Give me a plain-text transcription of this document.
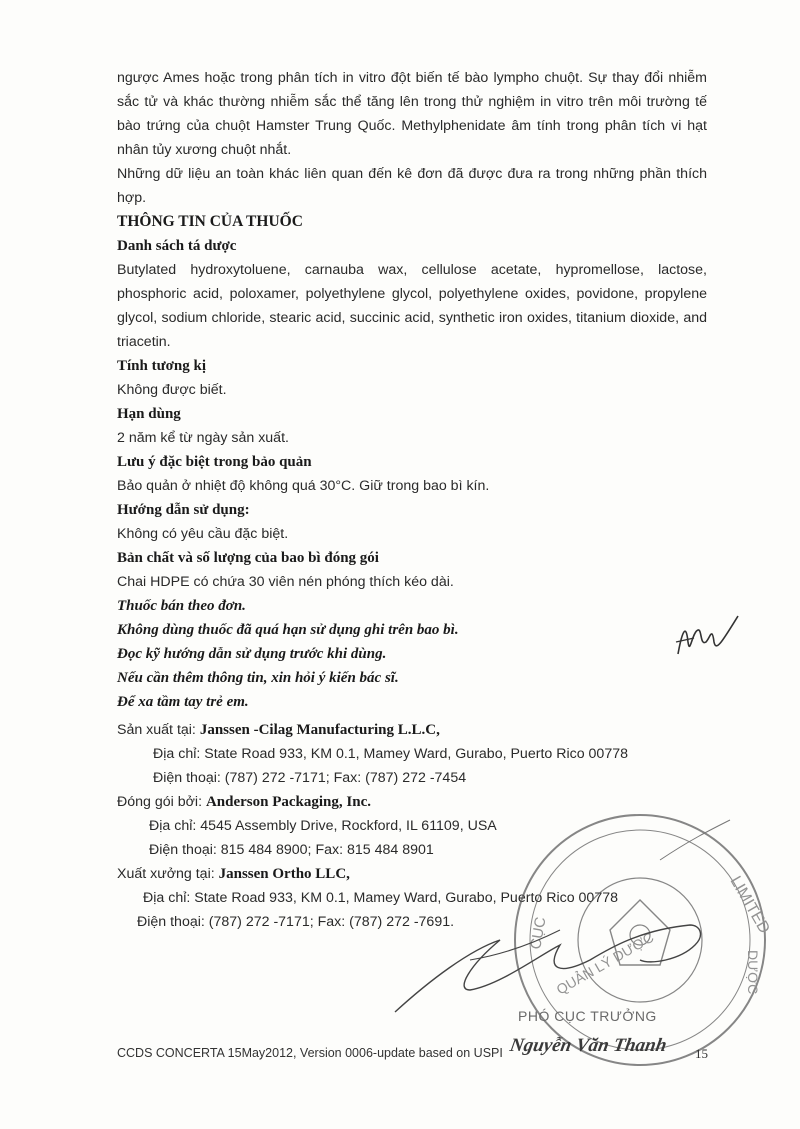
ngược Ames hoặc trong phân tích in vitro đột biến tế bào lympho chuột. Sự thay đổi nhiễm sắc tử và khác thường nhiễm sắc thể tăng lên trong thử nghiệm in vitro trên môi trường tế bào trứng của chuột Hamster Trung Quốc. Methylphenidate âm tính trong phân tích vi hạt nhân tủy xương chuột nhắt.

Những dữ liệu an toàn khác liên quan đến kê đơn đã được đưa ra trong những phần thích hợp.

THÔNG TIN CỦA THUỐC

Danh sách tá dược

Butylated hydroxytoluene, carnauba wax, cellulose acetate, hypromellose, lactose, phosphoric acid, poloxamer, polyethylene glycol, polyethylene oxides, povidone, propylene glycol, sodium chloride, stearic acid, succinic acid, synthetic iron oxides, titanium dioxide, and triacetin.

Tính tương kị

Không được biết.

Hạn dùng

2 năm kể từ ngày sản xuất.

Lưu ý đặc biệt trong bảo quản

Bảo quản ở nhiệt độ không quá 30°C. Giữ trong bao bì kín.

Hướng dẫn sử dụng:

Không có yêu cầu đặc biệt.

Bản chất và số lượng của bao bì đóng gói

Chai HDPE có chứa 30 viên nén phóng thích kéo dài.

Thuốc bán theo đơn.

Không dùng thuốc đã quá hạn sử dụng ghi trên bao bì.

Đọc kỹ hướng dẫn sử dụng trước khi dùng.

Nếu cần thêm thông tin, xin hỏi ý kiến bác sĩ.

Để xa tầm tay trẻ em.

Sản xuất tại: Janssen -Cilag Manufacturing L.L.C,

Địa chỉ: State Road 933, KM 0.1, Mamey Ward, Gurabo, Puerto Rico 00778

Điện thoại: (787) 272 -7171; Fax: (787) 272 -7454

Đóng gói bởi: Anderson Packaging, Inc.

Địa chỉ: 4545 Assembly Drive, Rockford, IL 61109, USA

Điện thoại: 815 484 8900; Fax: 815 484 8901

Xuất xưởng tại: Janssen Ortho LLC,

Địa chỉ: State Road 933, KM 0.1, Mamey Ward, Gurabo, Puerto Rico 00778

Điện thoại: (787) 272 -7171; Fax: (787) 272 -7691.	LIMITED
DƯỢC
CỤC QUẢN LÝ DƯỢC
PHÓ CỤC TRƯỞNG
Nguyễn Văn Thanh
CCDS CONCERTA 15May2012, Version 0006-update based on USPI	15
